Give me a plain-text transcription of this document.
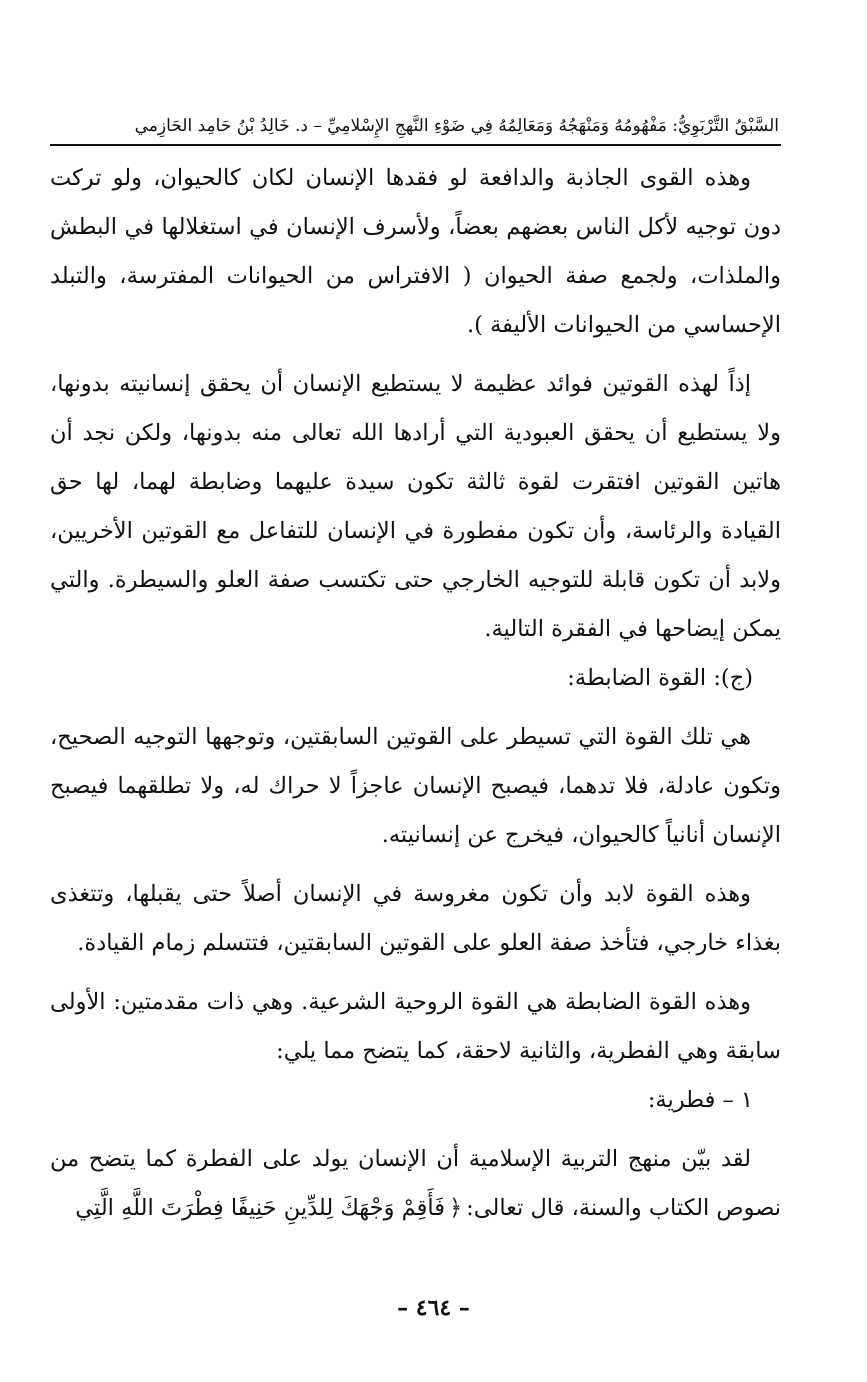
السَّبْقُ التَّرْبَوِيُّ: مَفْهُومُهُ وَمَنْهَجُهُ وَمَعَالِمُهُ فِي ضَوْءِ النَّهجِ الإِسْلامِيِّ – د. خَالِدُ بْنُ حَامِد الحَازِمي

وهذه القوى الجاذبة والدافعة لو فقدها الإنسان لكان كالحيوان، ولو تركت دون توجيه لأكل الناس بعضهم بعضاً، ولأسرف الإنسان في استغلالها في البطش والملذات، ولجمع صفة الحيوان ( الافتراس من الحيوانات المفترسة، والتبلد الإحساسي من الحيوانات الأليفة ).

إذاً لهذه القوتين فوائد عظيمة لا يستطيع الإنسان أن يحقق إنسانيته بدونها، ولا يستطيع أن يحقق العبودية التي أرادها الله تعالى منه بدونها، ولكن نجد أن هاتين القوتين افتقرت لقوة ثالثة تكون سيدة عليهما وضابطة لهما، لها حق القيادة والرئاسة، وأن تكون مفطورة في الإنسان للتفاعل مع القوتين الأخريين، ولابد أن تكون قابلة للتوجيه الخارجي حتى تكتسب صفة العلو والسيطرة. والتي يمكن إيضاحها في الفقرة التالية.

(ج): القوة الضابطة:

هي تلك القوة التي تسيطر على القوتين السابقتين، وتوجهها التوجيه الصحيح، وتكون عادلة، فلا تدهما، فيصبح الإنسان عاجزاً لا حراك له، ولا تطلقهما فيصبح الإنسان أنانياً كالحيوان، فيخرج عن إنسانيته.

وهذه القوة لابد وأن تكون مغروسة في الإنسان أصلاً حتى يقبلها، وتتغذى بغذاء خارجي، فتأخذ صفة العلو على القوتين السابقتين، فتتسلم زمام القيادة.

وهذه القوة الضابطة هي القوة الروحية الشرعية. وهي ذات مقدمتين: الأولى سابقة وهي الفطرية، والثانية لاحقة، كما يتضح مما يلي:

١ – فطرية:

لقد بيّن منهج التربية الإسلامية أن الإنسان يولد على الفطرة كما يتضح من نصوص الكتاب والسنة، قال تعالى:﴿فَأَقِمْ وَجْهَكَ لِلدِّينِ حَنِيفًا فِطْرَتَ اللَّهِ الَّتِي

– ٤٦٤ –
